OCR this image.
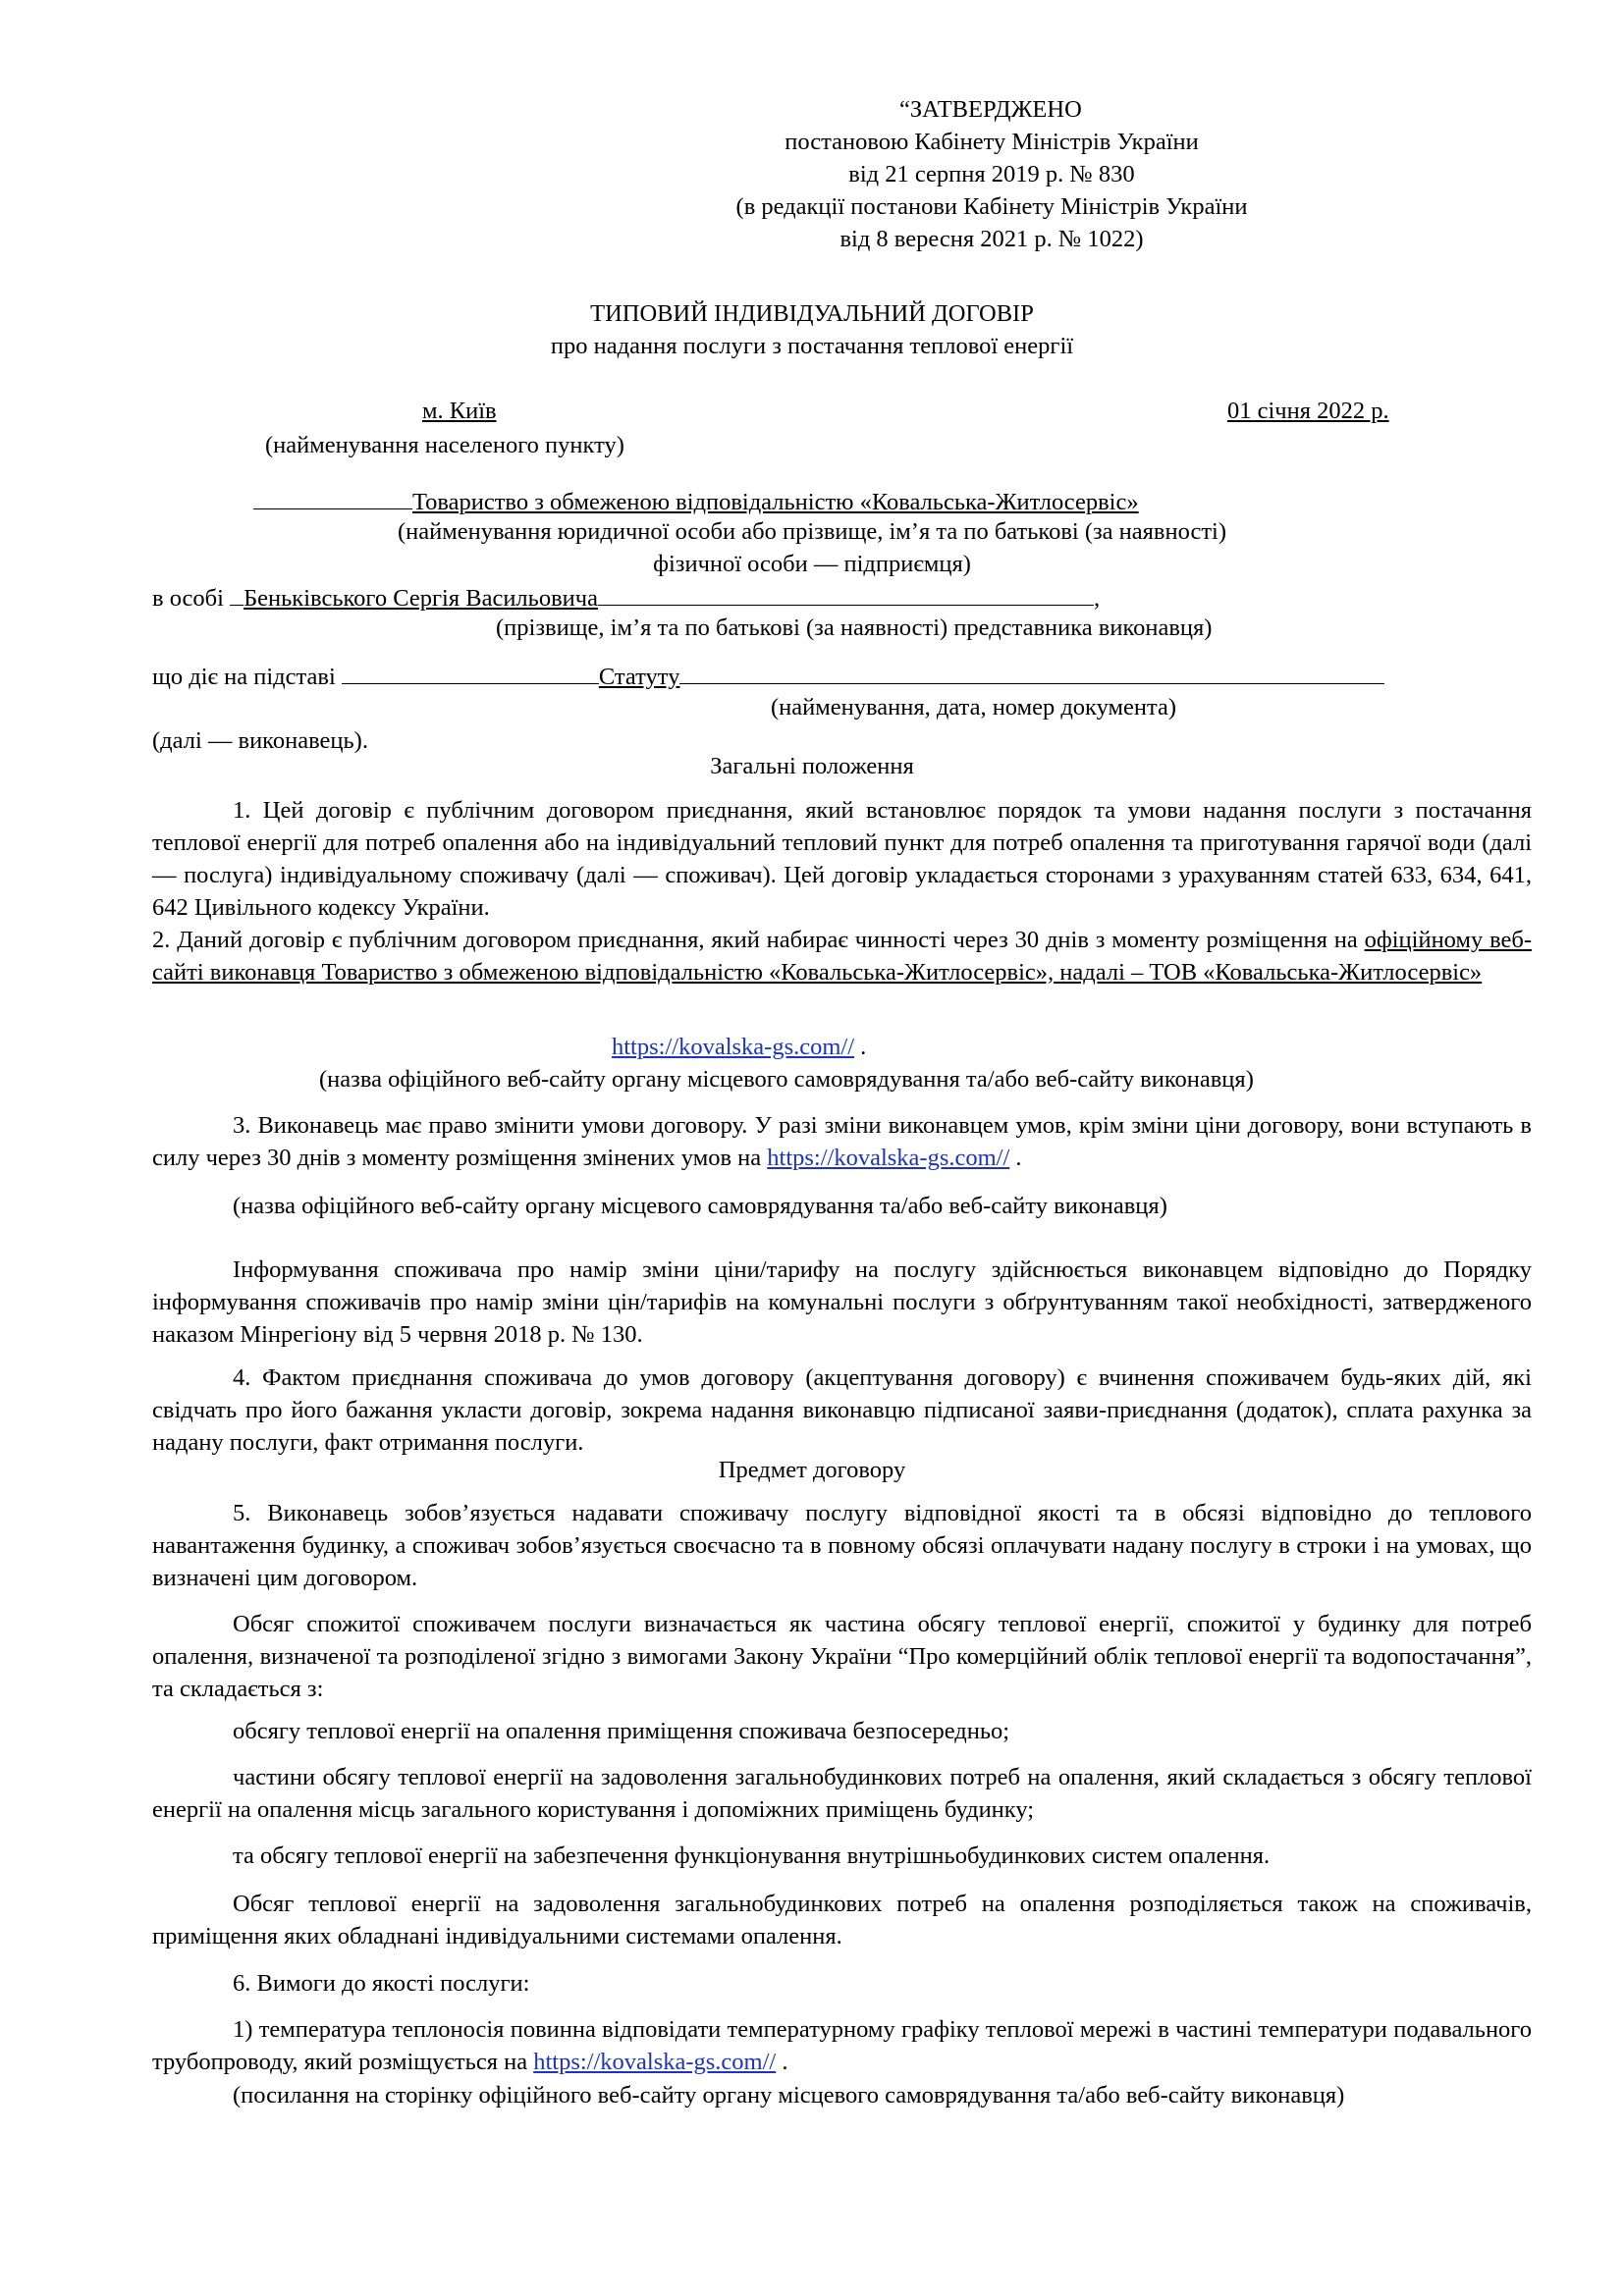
“ЗАТВЕРДЖЕНО
постановою Кабінету Міністрів України
від 21 серпня 2019 р. № 830
(в редакції постанови Кабінету Міністрів України
від 8 вересня 2021 р. № 1022)
ТИПОВИЙ ІНДИВІДУАЛЬНИЙ ДОГОВІР
про надання послуги з постачання теплової енергії
м. Київ	01 січня 2022 р.
(найменування населеного пункту)
Товариство з обмеженою відповідальністю «Ковальська-Житлосервіс»
(найменування юридичної особи або прізвище, ім’я та по батькові (за наявності)
фізичної особи — підприємця)
в особі Беньківського Сергія Васильовича	,
(прізвище, ім’я та по батькові (за наявності) представника виконавця)
що діє на підставі	Статуту
(найменування, дата, номер документа)
(далі — виконавець).
Загальні положення
1. Цей договір є публічним договором приєднання, який встановлює порядок та умови надання послуги з постачання теплової енергії для потреб опалення або на індивідуальний тепловий пункт для потреб опалення та приготування гарячої води (далі — послуга) індивідуальному споживачу (далі — споживач). Цей договір укладається сторонами з урахуванням статей 633, 634, 641, 642 Цивільного кодексу України.
2. Даний договір є публічним договором приєднання, який набирає чинності через 30 днів з моменту розміщення на офіційному веб-сайті виконавця Товариство з обмеженою відповідальністю «Ковальська-Житлосервіс», надалі – ТОВ «Ковальська-Житлосервіс»
https://kovalska-gs.com// .
(назва офіційного веб-сайту органу місцевого самоврядування та/або веб-сайту виконавця)
3. Виконавець має право змінити умови договору. У разі зміни виконавцем умов, крім зміни ціни договору, вони вступають в силу через 30 днів з моменту розміщення змінених умов на https://kovalska-gs.com// .
(назва офіційного веб-сайту органу місцевого самоврядування та/або веб-сайту виконавця)
Інформування споживача про намір зміни ціни/тарифу на послугу здійснюється виконавцем відповідно до Порядку інформування споживачів про намір зміни цін/тарифів на комунальні послуги з обґрунтуванням такої необхідності, затвердженого наказом Мінрегіону від 5 червня 2018 р. № 130.
4. Фактом приєднання споживача до умов договору (акцептування договору) є вчинення споживачем будь-яких дій, які свідчать про його бажання укласти договір, зокрема надання виконавцю підписаної заяви-приєднання (додаток), сплата рахунка за надану послуги, факт отримання послуги.
Предмет договору
5. Виконавець зобов’язується надавати споживачу послугу відповідної якості та в обсязі відповідно до теплового навантаження будинку, а споживач зобов’язується своєчасно та в повному обсязі оплачувати надану послугу в строки і на умовах, що визначені цим договором.
Обсяг спожитої споживачем послуги визначається як частина обсягу теплової енергії, спожитої у будинку для потреб опалення, визначеної та розподіленої згідно з вимогами Закону України “Про комерційний облік теплової енергії та водопостачання”, та складається з:
обсягу теплової енергії на опалення приміщення споживача безпосередньо;
частини обсягу теплової енергії на задоволення загальнобудинкових потреб на опалення, який складається з обсягу теплової енергії на опалення місць загального користування і допоміжних приміщень будинку;
та обсягу теплової енергії на забезпечення функціонування внутрішньобудинкових систем опалення.
Обсяг теплової енергії на задоволення загальнобудинкових потреб на опалення розподіляється також на споживачів, приміщення яких обладнані індивідуальними системами опалення.
6. Вимоги до якості послуги:
1) температура теплоносія повинна відповідати температурному графіку теплової мережі в частині температури подавального трубопроводу, який розміщується на https://kovalska-gs.com// .
(посилання на сторінку офіційного веб-сайту органу місцевого самоврядування та/або веб-сайту виконавця)
